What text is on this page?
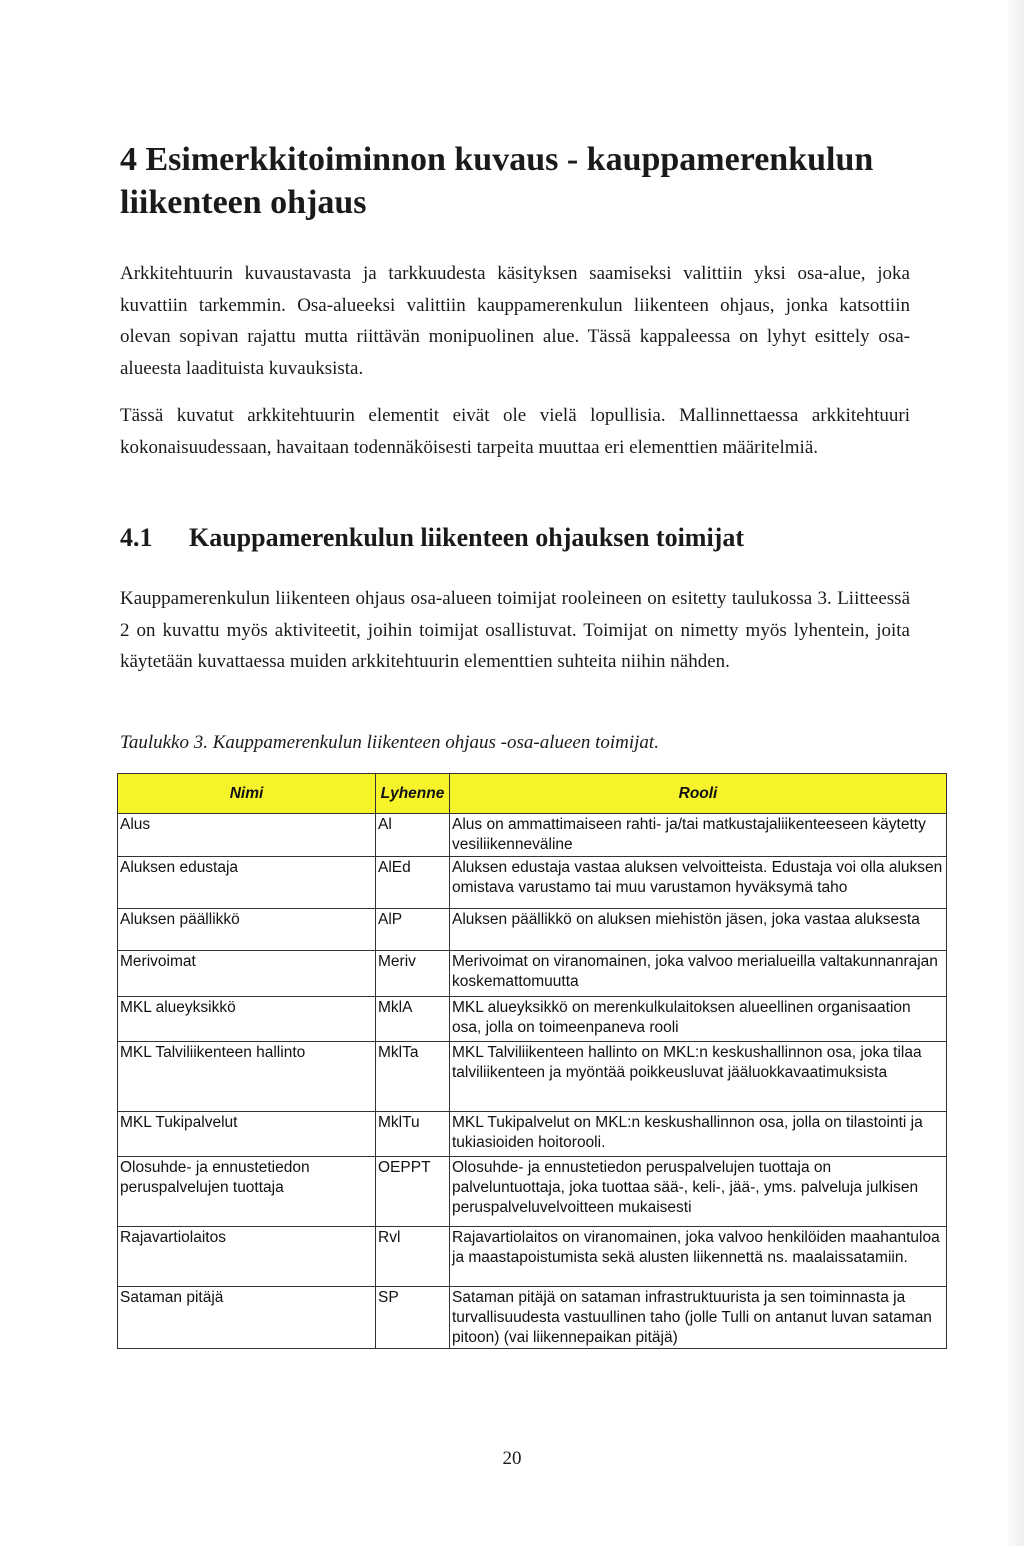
4 Esimerkkitoiminnon kuvaus - kauppamerenkulun liikenteen ohjaus

Arkkitehtuurin kuvaustavasta ja tarkkuudesta käsityksen saamiseksi valittiin yksi osa-alue, joka kuvattiin tarkemmin. Osa-alueeksi valittiin kauppamerenkulun liikenteen ohjaus, jonka katsottiin olevan sopivan rajattu mutta riittävän monipuolinen alue. Tässä kappaleessa on lyhyt esittely osa-alueesta laadituista kuvauksista.

Tässä kuvatut arkkitehtuurin elementit eivät ole vielä lopullisia. Mallinnettaessa arkkitehtuuri kokonaisuudessaan, havaitaan todennäköisesti tarpeita muuttaa eri elementtien määritelmiä.

4.1 Kauppamerenkulun liikenteen ohjauksen toimijat

Kauppamerenkulun liikenteen ohjaus osa-alueen toimijat rooleineen on esitetty taulukossa 3. Liitteessä 2 on kuvattu myös aktiviteetit, joihin toimijat osallistuvat. Toimijat on nimetty myös lyhentein, joita käytetään kuvattaessa muiden arkkitehtuurin elementtien suhteita niihin nähden.

Taulukko 3. Kauppamerenkulun liikenteen ohjaus -osa-alueen toimijat.

Nimi	Lyhenne	Rooli
Alus	Al	Alus on ammattimaiseen rahti- ja/tai matkustajaliikenteeseen käytetty vesiliikenneväline
Aluksen edustaja	AlEd	Aluksen edustaja vastaa aluksen velvoitteista. Edustaja voi olla aluksen omistava varustamo tai muu varustamon hyväksymä taho
Aluksen päällikkö	AlP	Aluksen päällikkö on aluksen miehistön jäsen, joka vastaa aluksesta
Merivoimat	Meriv	Merivoimat on viranomainen, joka valvoo merialueilla valtakunnanrajan koskemattomuutta
MKL alueyksikkö	MklA	MKL alueyksikkö on merenkulkulaitoksen alueellinen organisaation osa, jolla on toimeenpaneva rooli
MKL Talviliikenteen hallinto	MklTa	MKL Talviliikenteen hallinto on MKL:n keskushallinnon osa, joka tilaa talviliikenteen ja myöntää poikkeusluvat jääluokkavaatimuksista
MKL Tukipalvelut	MklTu	MKL Tukipalvelut on MKL:n keskushallinnon osa, jolla on tilastointi ja tukiasioiden hoitorooli.
Olosuhde- ja ennustetiedon peruspalvelujen tuottaja	OEPPT	Olosuhde- ja ennustetiedon peruspalvelujen tuottaja on palveluntuottaja, joka tuottaa sää-, keli-, jää-, yms. palveluja julkisen peruspalveluvelvoitteen mukaisesti
Rajavartiolaitos	Rvl	Rajavartiolaitos on viranomainen, joka valvoo henkilöiden maahantuloa ja maastapoistumista sekä alusten liikennettä ns. maalaissatamiin.
Sataman pitäjä	SP	Sataman pitäjä on sataman infrastruktuurista ja sen toiminnasta ja turvallisuudesta vastuullinen taho (jolle Tulli on antanut luvan sataman pitoon) (vai liikennepaikan pitäjä)
20
